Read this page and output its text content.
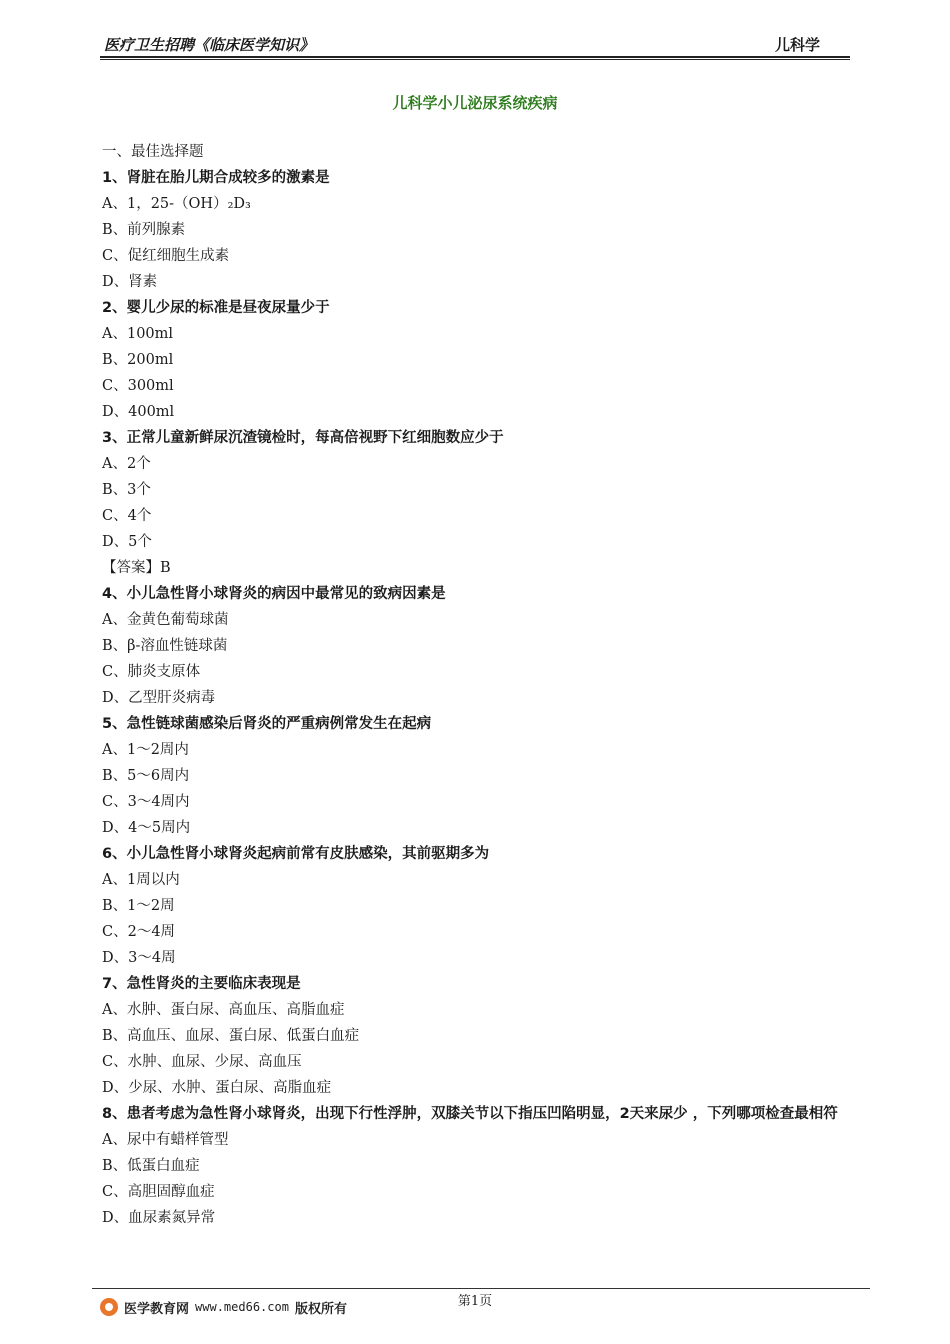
医疗卫生招聘《临床医学知识》	儿科学
儿科学小儿泌尿系统疾病
一、最佳选择题
1、肾脏在胎儿期合成较多的激素是
A、1，25-（OH）₂D₃
B、前列腺素
C、促红细胞生成素
D、肾素
2、婴儿少尿的标准是昼夜尿量少于
A、100ml
B、200ml
C、300ml
D、400ml
3、正常儿童新鲜尿沉渣镜检时，每高倍视野下红细胞数应少于
A、2个
B、3个
C、4个
D、5个
【答案】B
4、小儿急性肾小球肾炎的病因中最常见的致病因素是
A、金黄色葡萄球菌
B、β-溶血性链球菌
C、肺炎支原体
D、乙型肝炎病毒
5、急性链球菌感染后肾炎的严重病例常发生在起病
A、1～2周内
B、5～6周内
C、3～4周内
D、4～5周内
6、小儿急性肾小球肾炎起病前常有皮肤感染，其前驱期多为
A、1周以内
B、1～2周
C、2～4周
D、3～4周
7、急性肾炎的主要临床表现是
A、水肿、蛋白尿、高血压、高脂血症
B、高血压、血尿、蛋白尿、低蛋白血症
C、水肿、血尿、少尿、高血压
D、少尿、水肿、蛋白尿、高脂血症
8、患者考虑为急性肾小球肾炎，出现下行性浮肿，双膝关节以下指压凹陷明显，2天来尿少 ，下列哪项检查最相符
A、尿中有蜡样管型
B、低蛋白血症
C、高胆固醇血症
D、血尿素氮异常
第1页
医学教育网 www.med66.com 版权所有
